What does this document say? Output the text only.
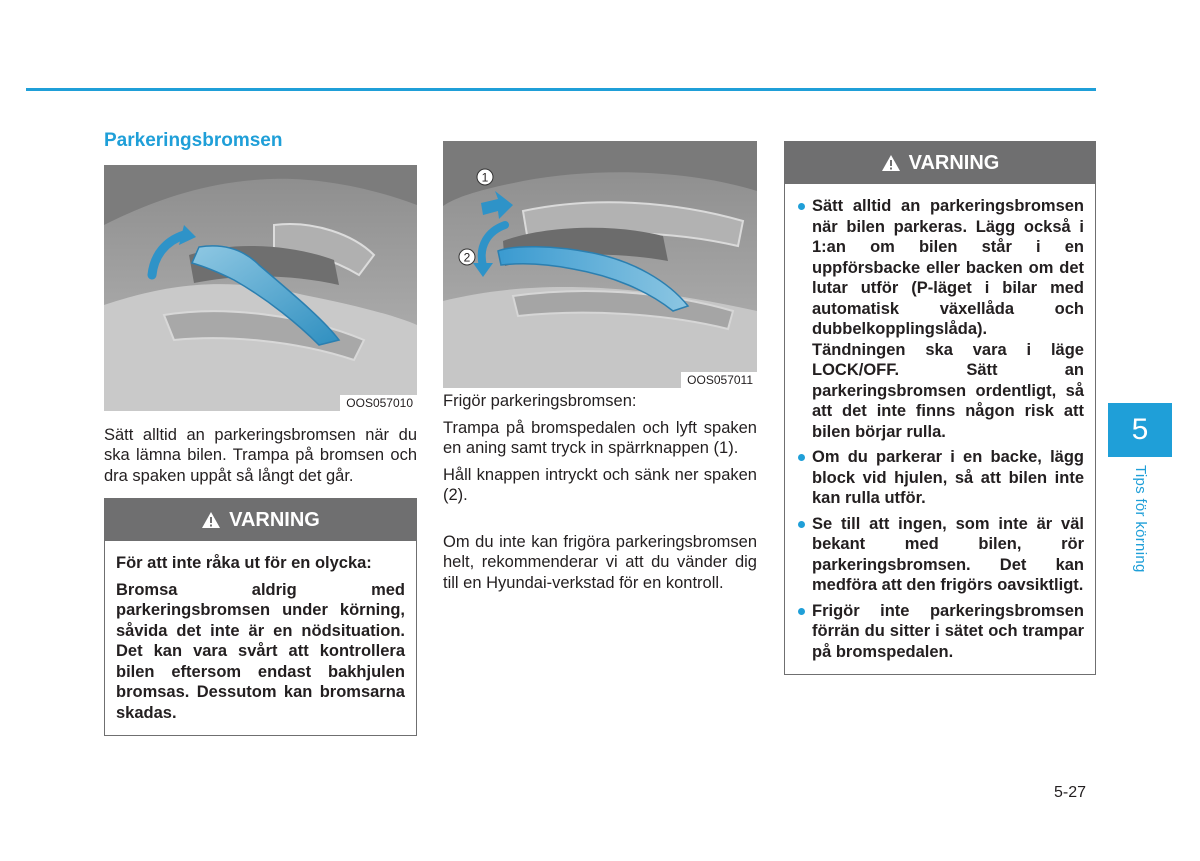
Parkeringsbromsen
OOS057010

Sätt alltid an parkeringsbromsen när du ska lämna bilen. Trampa på bromsen och dra spaken uppåt så långt det går.

VARNING

För att inte råka ut för en olycka:

Bromsa aldrig med parkeringsbromsen under körning, såvida det inte är en nödsituation. Det kan vara svårt att kontrollera bilen eftersom endast bakhjulen bromsas. Dessutom kan bromsarna skadas.

1
2
OOS057011

Frigör parkeringsbromsen:

Trampa på bromspedalen och lyft spaken en aning samt tryck in spärrknappen (1).

Håll knappen intryckt och sänk ner spaken (2).

Om du inte kan frigöra parkeringsbromsen helt, rekommenderar vi att du vänder dig till en Hyundai-verkstad för en kontroll.

VARNING
Sätt alltid an parkeringsbromsen när bilen parkeras. Lägg också i 1:an om bilen står i en uppförsbacke eller backen om det lutar utför (P-läget i bilar med automatisk växellåda och dubbelkopplingslåda). Tändningen ska vara i läge LOCK/OFF. Sätt an parkeringsbromsen ordentligt, så att det inte finns någon risk att bilen börjar rulla.
Om du parkerar i en backe, lägg block vid hjulen, så att bilen inte kan rulla utför.
Se till att ingen, som inte är väl bekant med bilen, rör parkeringsbromsen. Det kan medföra att den frigörs oavsiktligt.
Frigör inte parkeringsbromsen förrän du sitter i sätet och trampar på bromspedalen.
5
Tips för körning
5-27
